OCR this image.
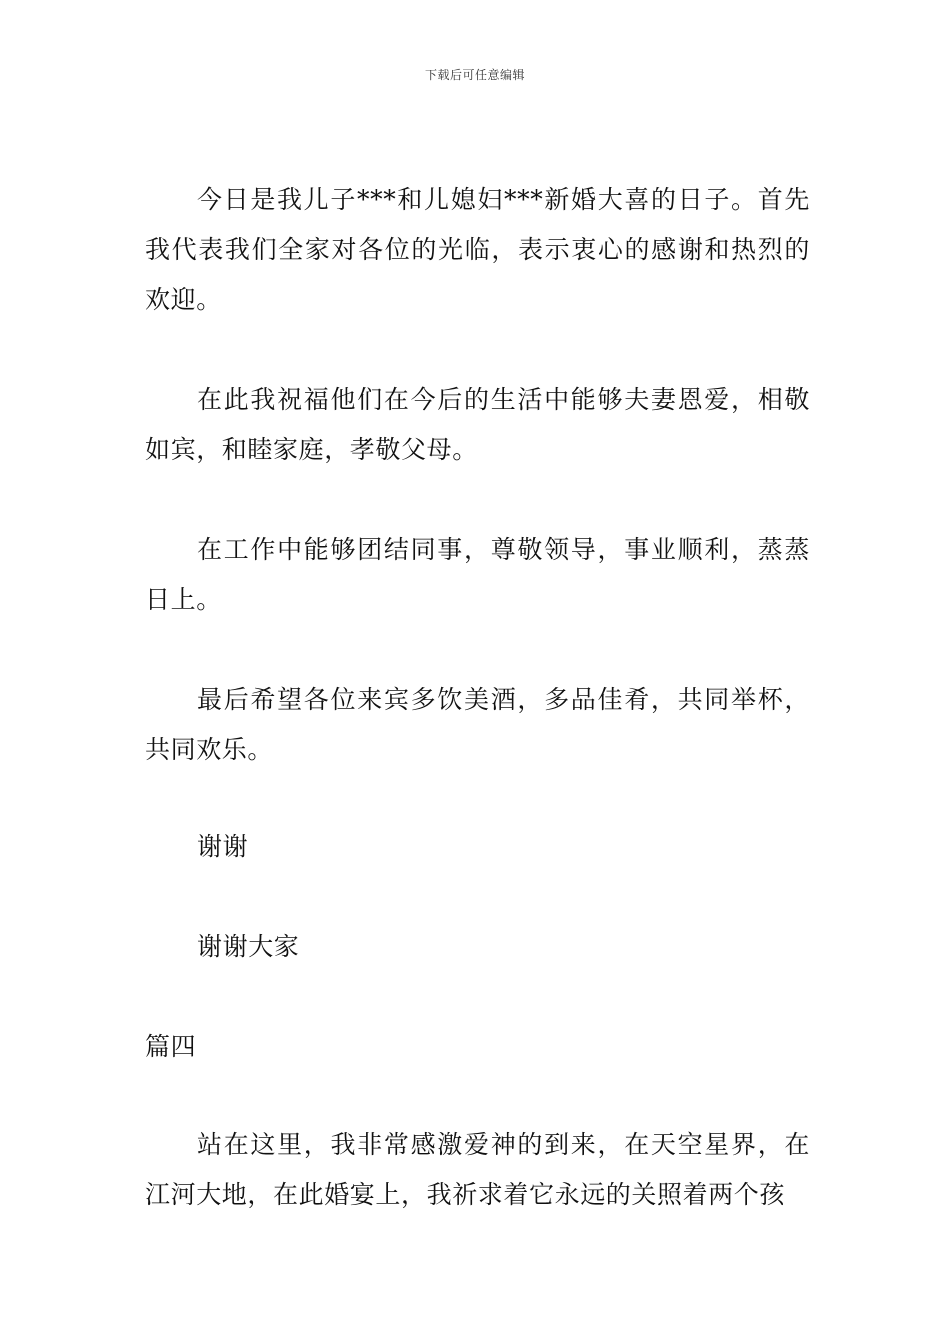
下载后可任意编辑

今日是我儿子***和儿媳妇***新婚大喜的日子。首先我代表我们全家对各位的光临，表示衷心的感谢和热烈的欢迎。

在此我祝福他们在今后的生活中能够夫妻恩爱，相敬如宾，和睦家庭，孝敬父母。

在工作中能够团结同事，尊敬领导，事业顺利，蒸蒸日上。

最后希望各位来宾多饮美酒，多品佳肴，共同举杯，共同欢乐。

谢谢

谢谢大家

篇四

站在这里，我非常感激爱神的到来，在天空星界，在江河大地，在此婚宴上，我祈求着它永远的关照着两个孩
